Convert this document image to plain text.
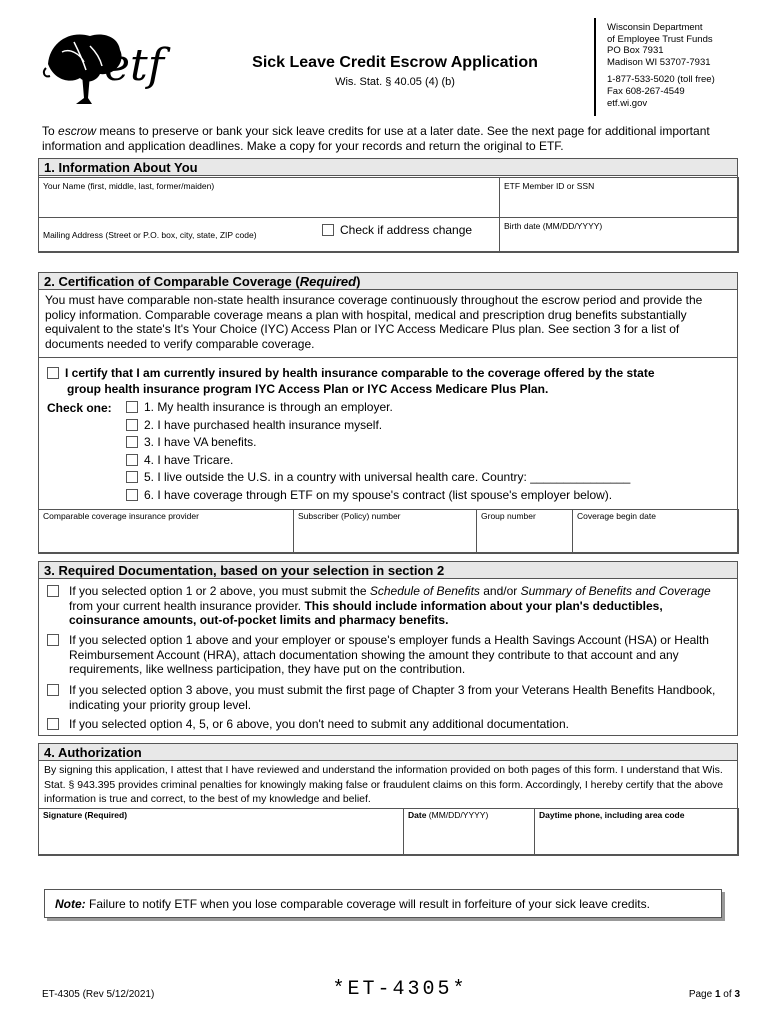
etf	Sick Leave Credit Escrow Application
Wis. Stat. § 40.05 (4) (b)
Wisconsin Department
of Employee Trust Funds
PO Box 7931
Madison WI 53707-7931
1-877-533-5020 (toll free)
Fax 608-267-4549
etf.wi.gov
To escrow means to preserve or bank your sick leave credits for use at a later date. See the next page for additional important information and application deadlines. Make a copy for your records and return the original to ETF.
1. Information About You
Your Name (first, middle, last, former/maiden)	ETF Member ID or SSN
Mailing Address (Street or P.O. box, city, state, ZIP code)	Check if address change	Birth date (MM/DD/YYYY)
2. Certification of Comparable Coverage (Required)
You must have comparable non-state health insurance coverage continuously throughout the escrow period and provide the policy information. Comparable coverage means a plan with hospital, medical and prescription drug benefits substantially equivalent to the state's It's Your Choice (IYC) Access Plan or IYC Access Medicare Plus plan. See section 3 for a list of documents needed to verify comparable coverage.
I certify that I am currently insured by health insurance comparable to the coverage offered by the state
group health insurance program IYC Access Plan or IYC Access Medicare Plus Plan.
Check one:	1. My health insurance is through an employer.
2. I have purchased health insurance myself.
3. I have VA benefits.
4. I have Tricare.
5. I live outside the U.S. in a country with universal health care. Country: _______________
6. I have coverage through ETF on my spouse's contract (list spouse's employer below).
Comparable coverage insurance provider	Subscriber (Policy) number	Group number	Coverage begin date
3. Required Documentation, based on your selection in section 2
If you selected option 1 or 2 above, you must submit the Schedule of Benefits and/or Summary of Benefits and Coverage from your current health insurance provider. This should include information about your plan's deductibles, coinsurance amounts, out-of-pocket limits and pharmacy benefits.
If you selected option 1 above and your employer or spouse's employer funds a Health Savings Account (HSA) or Health Reimbursement Account (HRA), attach documentation showing the amount they contribute to that account and any requirements, like wellness participation, they have put on the contribution.
If you selected option 3 above, you must submit the first page of Chapter 3 from your Veterans Health Benefits Handbook, indicating your priority group level.
If you selected option 4, 5, or 6 above, you don't need to submit any additional documentation.
4. Authorization
By signing this application, I attest that I have reviewed and understand the information provided on both pages of this form. I understand that Wis. Stat. § 943.395 provides criminal penalties for knowingly making false or fraudulent claims on this form. Accordingly, I hereby certify that the above information is true and correct, to the best of my knowledge and belief.
Signature (Required)	Date (MM/DD/YYYY)	Daytime phone, including area code
Note: Failure to notify ETF when you lose comparable coverage will result in forfeiture of your sick leave credits.
ET-4305 (Rev 5/12/2021)	*ET-4305*	Page 1 of 3
